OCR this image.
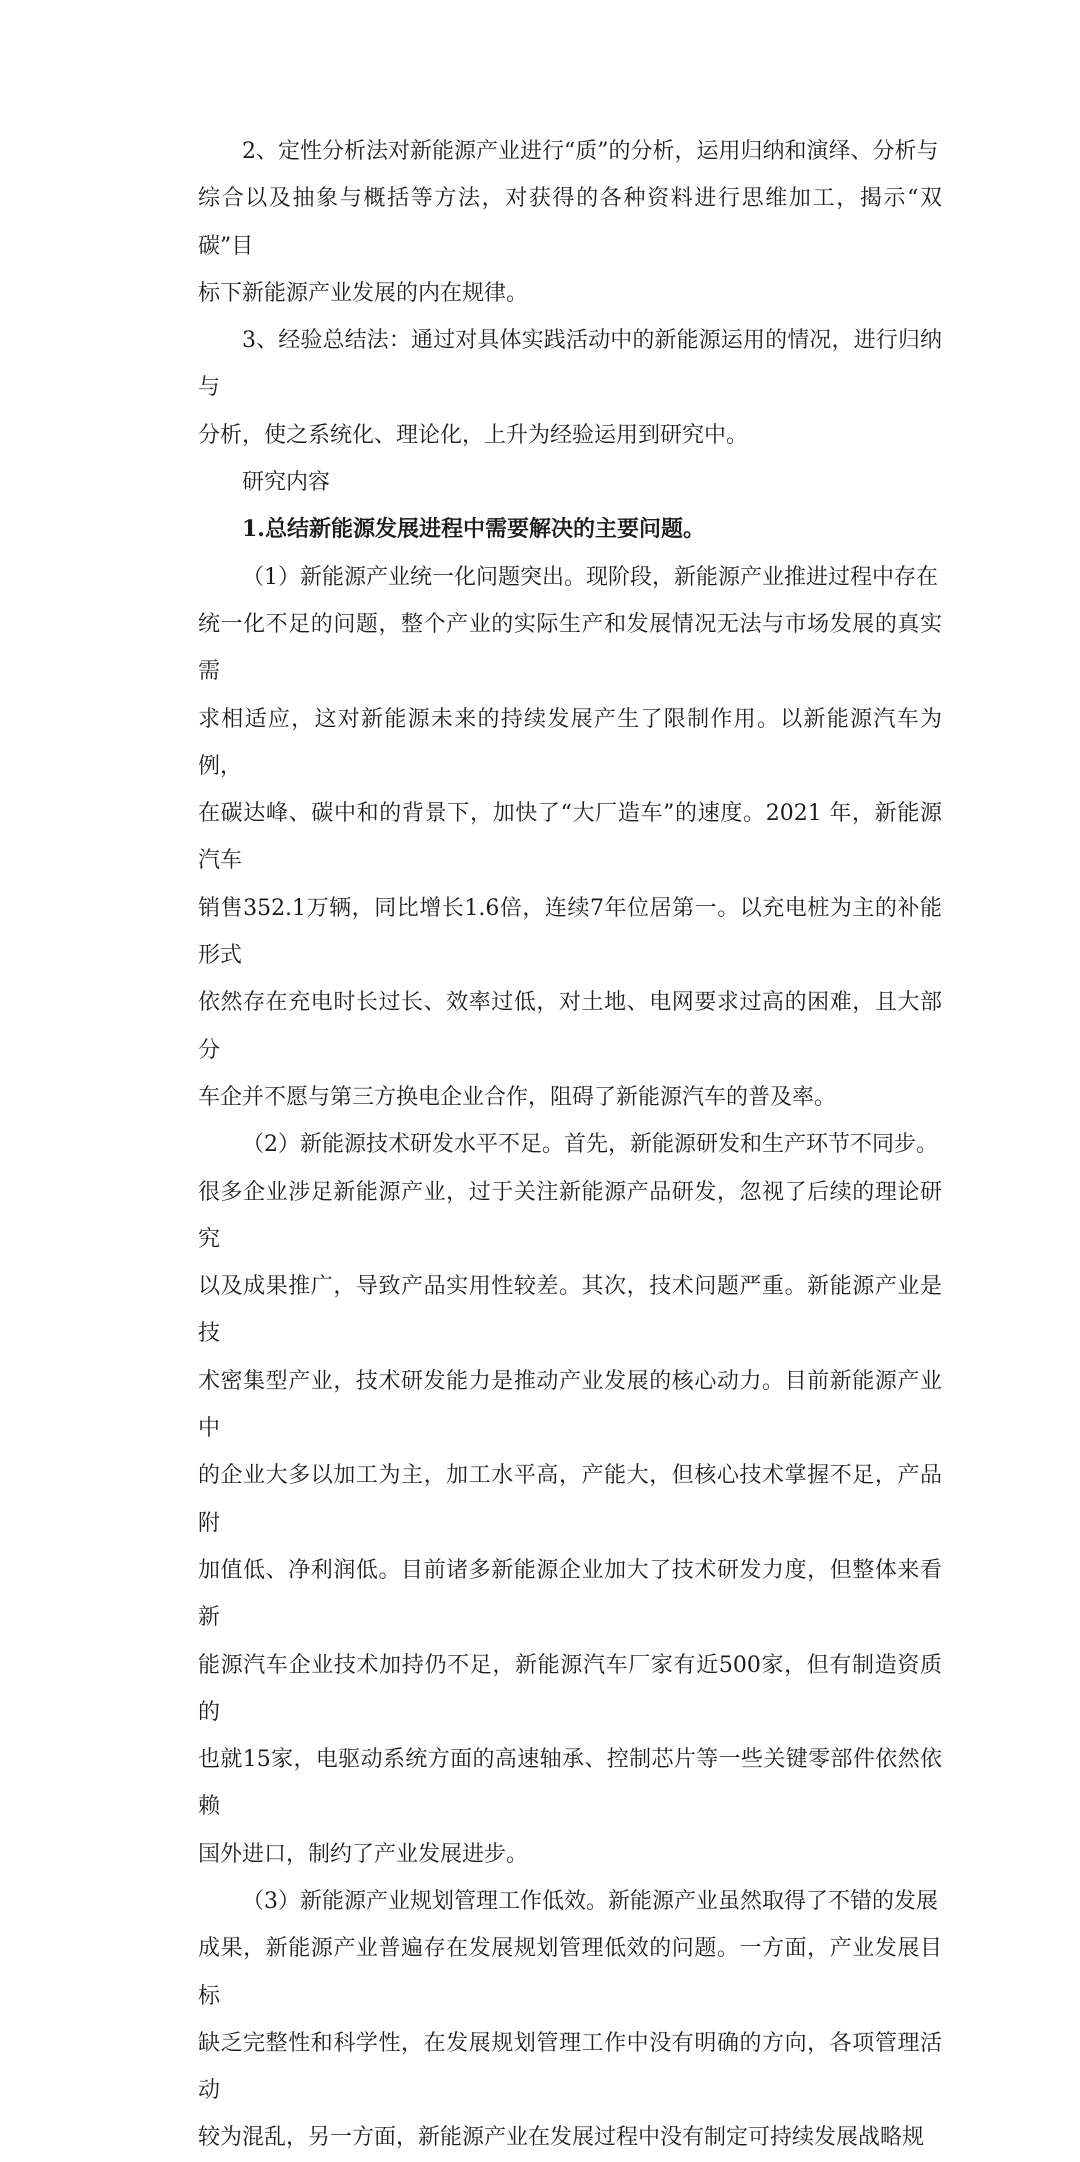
2、定性分析法对新能源产业进行“质”的分析，运用归纳和演绎、分析与
综合以及抽象与概括等方法，对获得的各种资料进行思维加工，揭示“双碳”目
标下新能源产业发展的内在规律。

3、经验总结法：通过对具体实践活动中的新能源运用的情况，进行归纳与
分析，使之系统化、理论化，上升为经验运用到研究中。

研究内容

1.总结新能源发展进程中需要解决的主要问题。

（1）新能源产业统一化问题突出。现阶段，新能源产业推进过程中存在
统一化不足的问题，整个产业的实际生产和发展情况无法与市场发展的真实需
求相适应，这对新能源未来的持续发展产生了限制作用。以新能源汽车为例，
在碳达峰、碳中和的背景下，加快了“大厂造车”的速度。2021 年，新能源汽车
销售352.1万辆，同比增长1.6倍，连续7年位居第一。以充电桩为主的补能形式
依然存在充电时长过长、效率过低，对土地、电网要求过高的困难，且大部分
车企并不愿与第三方换电企业合作，阻碍了新能源汽车的普及率。

（2）新能源技术研发水平不足。首先，新能源研发和生产环节不同步。
很多企业涉足新能源产业，过于关注新能源产品研发，忽视了后续的理论研究
以及成果推广，导致产品实用性较差。其次，技术问题严重。新能源产业是技
术密集型产业，技术研发能力是推动产业发展的核心动力。目前新能源产业中
的企业大多以加工为主，加工水平高，产能大，但核心技术掌握不足，产品附
加值低、净利润低。目前诸多新能源企业加大了技术研发力度，但整体来看新
能源汽车企业技术加持仍不足，新能源汽车厂家有近500家，但有制造资质的
也就15家，电驱动系统方面的高速轴承、控制芯片等一些关键零部件依然依赖
国外进口，制约了产业发展进步。

（3）新能源产业规划管理工作低效。新能源产业虽然取得了不错的发展
成果，新能源产业普遍存在发展规划管理低效的问题。一方面，产业发展目标
缺乏完整性和科学性，在发展规划管理工作中没有明确的方向，各项管理活动
较为混乱，另一方面，新能源产业在发展过程中没有制定可持续发展战略规
